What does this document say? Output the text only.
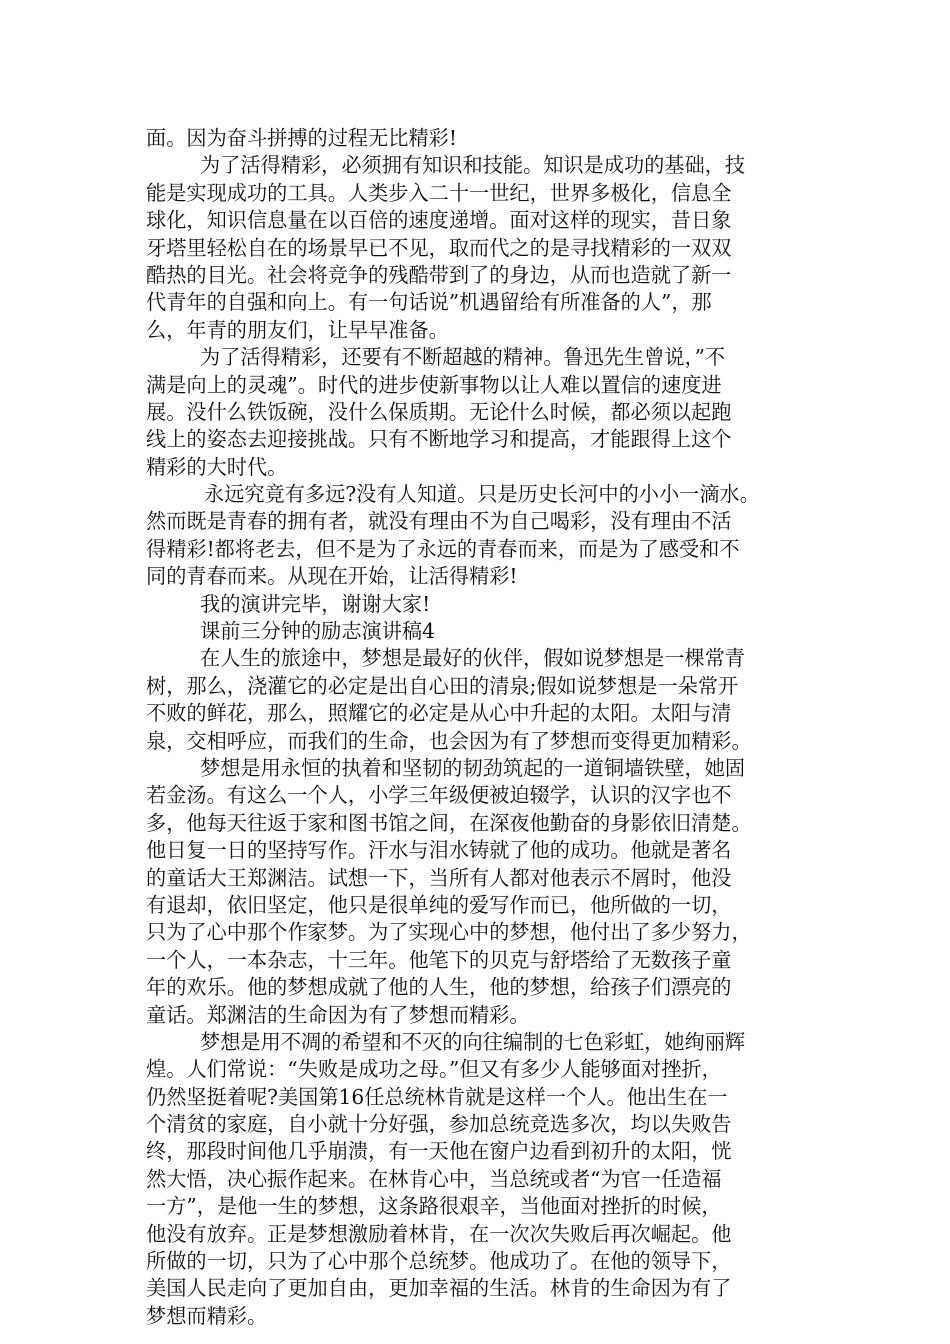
面。因为奋斗拼搏的过程无比精彩!
为了活得精彩，必须拥有知识和技能。知识是成功的基础，技
能是实现成功的工具。人类步入二十一世纪，世界多极化，信息全
球化，知识信息量在以百倍的速度递增。面对这样的现实，昔日象
牙塔里轻松自在的场景早已不见，取而代之的是寻找精彩的一双双
酷热的目光。社会将竞争的残酷带到了的身边，从而也造就了新一
代青年的自强和向上。有一句话说”机遇留给有所准备的人”，那
么，年青的朋友们，让早早准备。
为了活得精彩，还要有不断超越的精神。鲁迅先生曾说，”不
满是向上的灵魂”。时代的进步使新事物以让人难以置信的速度进
展。没什么铁饭碗，没什么保质期。无论什么时候，都必须以起跑
线上的姿态去迎接挑战。只有不断地学习和提高，才能跟得上这个
精彩的大时代。
永远究竟有多远?没有人知道。只是历史长河中的小小一滴水。
然而既是青春的拥有者，就没有理由不为自己喝彩，没有理由不活
得精彩!都将老去，但不是为了永远的青春而来，而是为了感受和不
同的青春而来。从现在开始，让活得精彩!
我的演讲完毕，谢谢大家!
课前三分钟的励志演讲稿4
在人生的旅途中，梦想是最好的伙伴，假如说梦想是一棵常青
树，那么，浇灌它的必定是出自心田的清泉;假如说梦想是一朵常开
不败的鲜花，那么，照耀它的必定是从心中升起的太阳。太阳与清
泉，交相呼应，而我们的生命，也会因为有了梦想而变得更加精彩。
梦想是用永恒的执着和坚韧的韧劲筑起的一道铜墙铁壁，她固
若金汤。有这么一个人，小学三年级便被迫辍学，认识的汉字也不
多，他每天往返于家和图书馆之间，在深夜他勤奋的身影依旧清楚。
他日复一日的坚持写作。汗水与泪水铸就了他的成功。他就是著名
的童话大王郑渊洁。试想一下，当所有人都对他表示不屑时，他没
有退却，依旧坚定，他只是很单纯的爱写作而已，他所做的一切，
只为了心中那个作家梦。为了实现心中的梦想，他付出了多少努力，
一个人，一本杂志，十三年。他笔下的贝克与舒塔给了无数孩子童
年的欢乐。他的梦想成就了他的人生，他的梦想，给孩子们漂亮的
童话。郑渊洁的生命因为有了梦想而精彩。
梦想是用不凋的希望和不灭的向往编制的七色彩虹，她绚丽辉
煌。人们常说：“失败是成功之母。”但又有多少人能够面对挫折，
仍然坚挺着呢?美国第16任总统林肯就是这样一个人。他出生在一
个清贫的家庭，自小就十分好强，参加总统竞选多次，均以失败告
终，那段时间他几乎崩溃，有一天他在窗户边看到初升的太阳，恍
然大悟，决心振作起来。在林肯心中，当总统或者“为官一任造福
一方”，是他一生的梦想，这条路很艰辛，当他面对挫折的时候，
他没有放弃。正是梦想激励着林肯，在一次次失败后再次崛起。他
所做的一切，只为了心中那个总统梦。他成功了。在他的领导下，
美国人民走向了更加自由，更加幸福的生活。林肯的生命因为有了
梦想而精彩。
